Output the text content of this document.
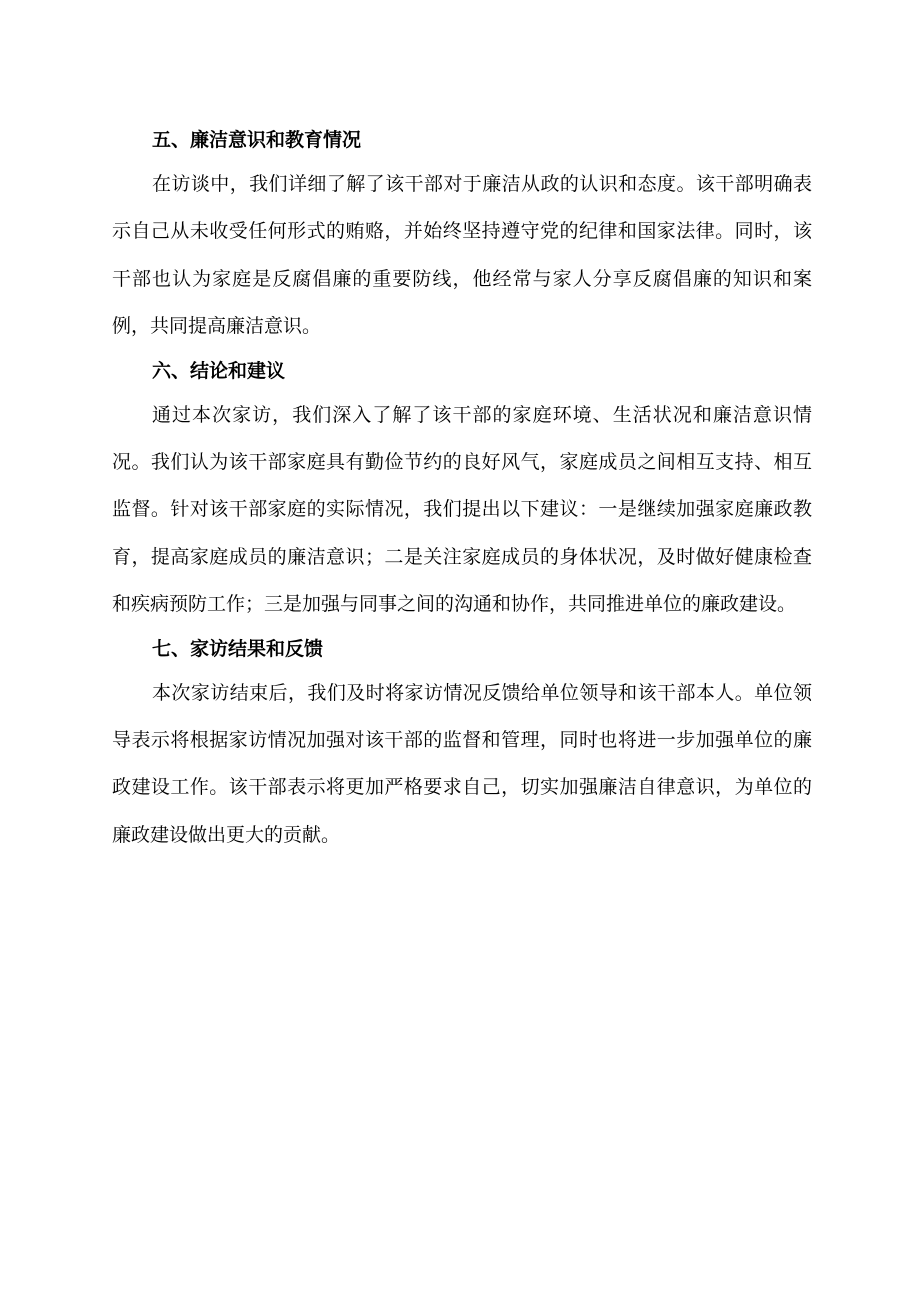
五、廉洁意识和教育情况

在访谈中，我们详细了解了该干部对于廉洁从政的认识和态度。该干部明确表示自己从未收受任何形式的贿赂，并始终坚持遵守党的纪律和国家法律。同时，该干部也认为家庭是反腐倡廉的重要防线，他经常与家人分享反腐倡廉的知识和案例，共同提高廉洁意识。

六、结论和建议

通过本次家访，我们深入了解了该干部的家庭环境、生活状况和廉洁意识情况。我们认为该干部家庭具有勤俭节约的良好风气，家庭成员之间相互支持、相互监督。针对该干部家庭的实际情况，我们提出以下建议：一是继续加强家庭廉政教育，提高家庭成员的廉洁意识；二是关注家庭成员的身体状况，及时做好健康检查和疾病预防工作；三是加强与同事之间的沟通和协作，共同推进单位的廉政建设。

七、家访结果和反馈

本次家访结束后，我们及时将家访情况反馈给单位领导和该干部本人。单位领导表示将根据家访情况加强对该干部的监督和管理，同时也将进一步加强单位的廉政建设工作。该干部表示将更加严格要求自己，切实加强廉洁自律意识，为单位的廉政建设做出更大的贡献。
